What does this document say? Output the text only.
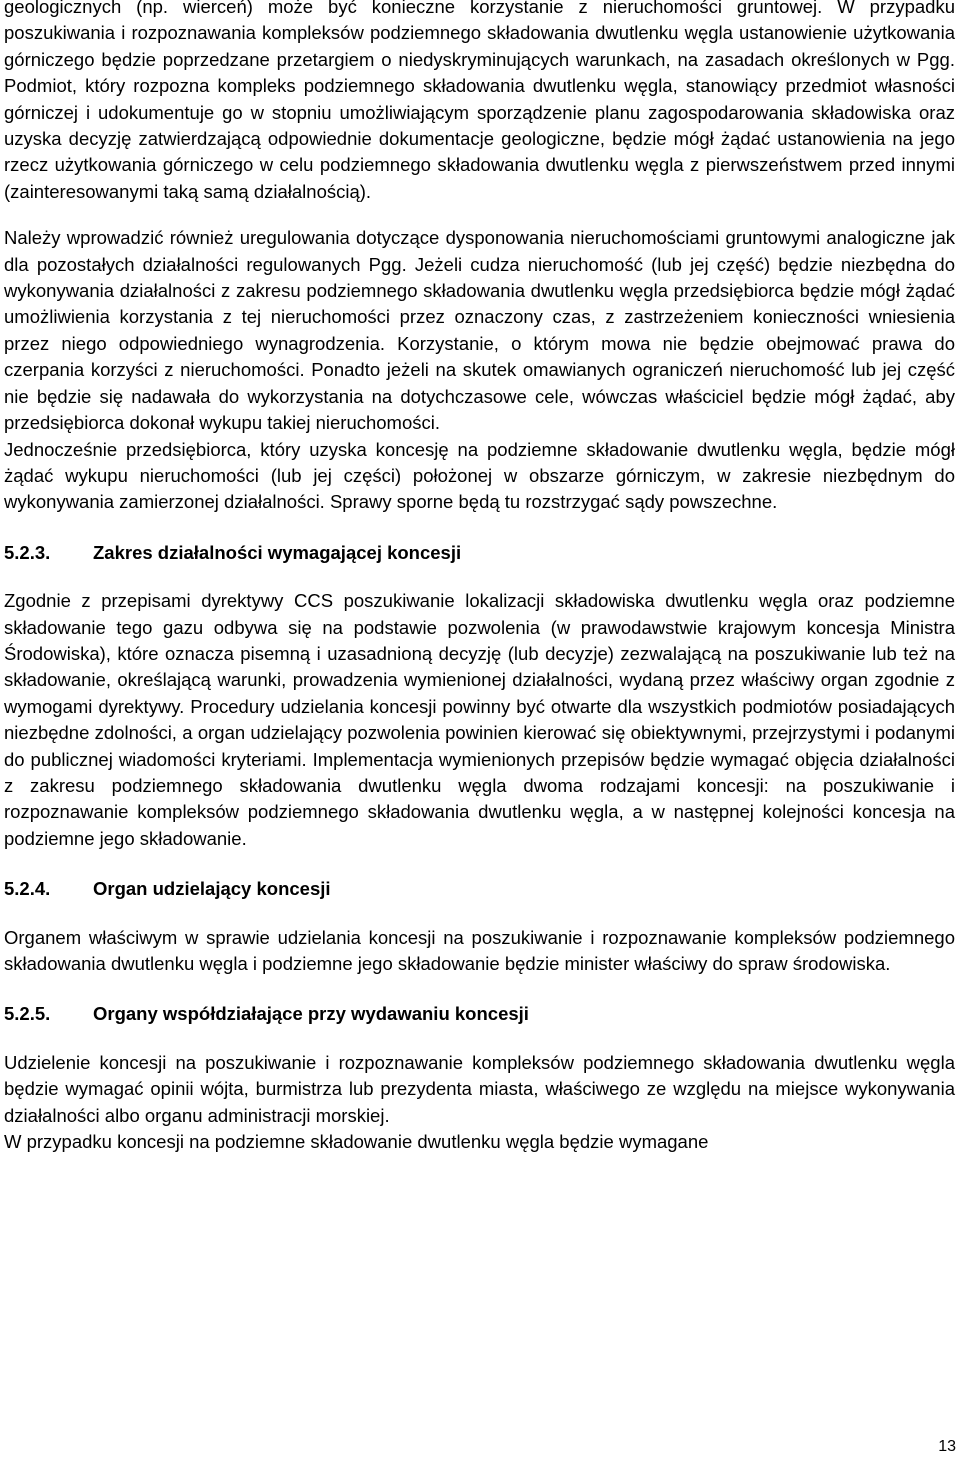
geologicznych (np. wierceń) może być konieczne korzystanie z nieruchomości gruntowej. W przypadku poszukiwania i rozpoznawania kompleksów podziemnego składowania dwutlenku węgla ustanowienie użytkowania górniczego będzie poprzedzane przetargiem o niedyskryminujących warunkach, na zasadach określonych w Pgg. Podmiot, który rozpozna kompleks podziemnego składowania dwutlenku węgla, stanowiący przedmiot własności górniczej i udokumentuje go w stopniu umożliwiającym sporządzenie planu zagospodarowania składowiska oraz uzyska decyzję zatwierdzającą odpowiednie dokumentacje geologiczne, będzie mógł żądać ustanowienia na jego rzecz użytkowania górniczego w celu podziemnego składowania dwutlenku węgla z pierwszeństwem przed innymi (zainteresowanymi taką samą działalnością).

Należy wprowadzić również uregulowania dotyczące dysponowania nieruchomościami gruntowymi analogiczne jak dla pozostałych działalności regulowanych Pgg. Jeżeli cudza nieruchomość (lub jej część) będzie niezbędna do wykonywania działalności z zakresu podziemnego składowania dwutlenku węgla przedsiębiorca będzie mógł żądać umożliwienia korzystania z tej nieruchomości przez oznaczony czas, z zastrzeżeniem konieczności wniesienia przez niego odpowiedniego wynagrodzenia. Korzystanie, o którym mowa nie będzie obejmować prawa do czerpania korzyści z nieruchomości. Ponadto jeżeli na skutek omawianych ograniczeń nieruchomość lub jej część nie będzie się nadawała do wykorzystania na dotychczasowe cele, wówczas właściciel będzie mógł żądać, aby przedsiębiorca dokonał wykupu takiej nieruchomości.

Jednocześnie przedsiębiorca, który uzyska koncesję na podziemne składowanie dwutlenku węgla, będzie mógł żądać wykupu nieruchomości (lub jej części) położonej w obszarze górniczym, w zakresie niezbędnym do wykonywania zamierzonej działalności. Sprawy sporne będą tu rozstrzygać sądy powszechne.

5.2.3.	Zakres działalności wymagającej koncesji

Zgodnie z przepisami dyrektywy CCS poszukiwanie lokalizacji składowiska dwutlenku węgla oraz podziemne składowanie tego gazu odbywa się na podstawie pozwolenia (w prawodawstwie krajowym koncesja Ministra Środowiska), które oznacza pisemną i uzasadnioną decyzję (lub decyzje) zezwalającą na poszukiwanie lub też na składowanie, określającą warunki, prowadzenia wymienionej działalności, wydaną przez właściwy organ zgodnie z wymogami dyrektywy. Procedury udzielania koncesji powinny być otwarte dla wszystkich podmiotów posiadających niezbędne zdolności, a organ udzielający pozwolenia powinien kierować się obiektywnymi, przejrzystymi i podanymi do publicznej wiadomości kryteriami. Implementacja wymienionych przepisów będzie wymagać objęcia działalności z zakresu podziemnego składowania dwutlenku węgla dwoma rodzajami koncesji: na poszukiwanie i rozpoznawanie kompleksów podziemnego składowania dwutlenku węgla, a w następnej kolejności koncesja na podziemne jego składowanie.

5.2.4.	Organ udzielający koncesji

Organem właściwym w sprawie udzielania koncesji na poszukiwanie i rozpoznawanie kompleksów podziemnego składowania dwutlenku węgla i podziemne jego składowanie będzie minister właściwy do spraw środowiska.

5.2.5.	Organy współdziałające przy wydawaniu koncesji

Udzielenie koncesji na poszukiwanie i rozpoznawanie kompleksów podziemnego składowania dwutlenku węgla będzie wymagać opinii wójta, burmistrza lub prezydenta miasta, właściwego ze względu na miejsce wykonywania działalności albo organu administracji morskiej.

W przypadku koncesji na podziemne składowanie dwutlenku węgla będzie wymagane

13
